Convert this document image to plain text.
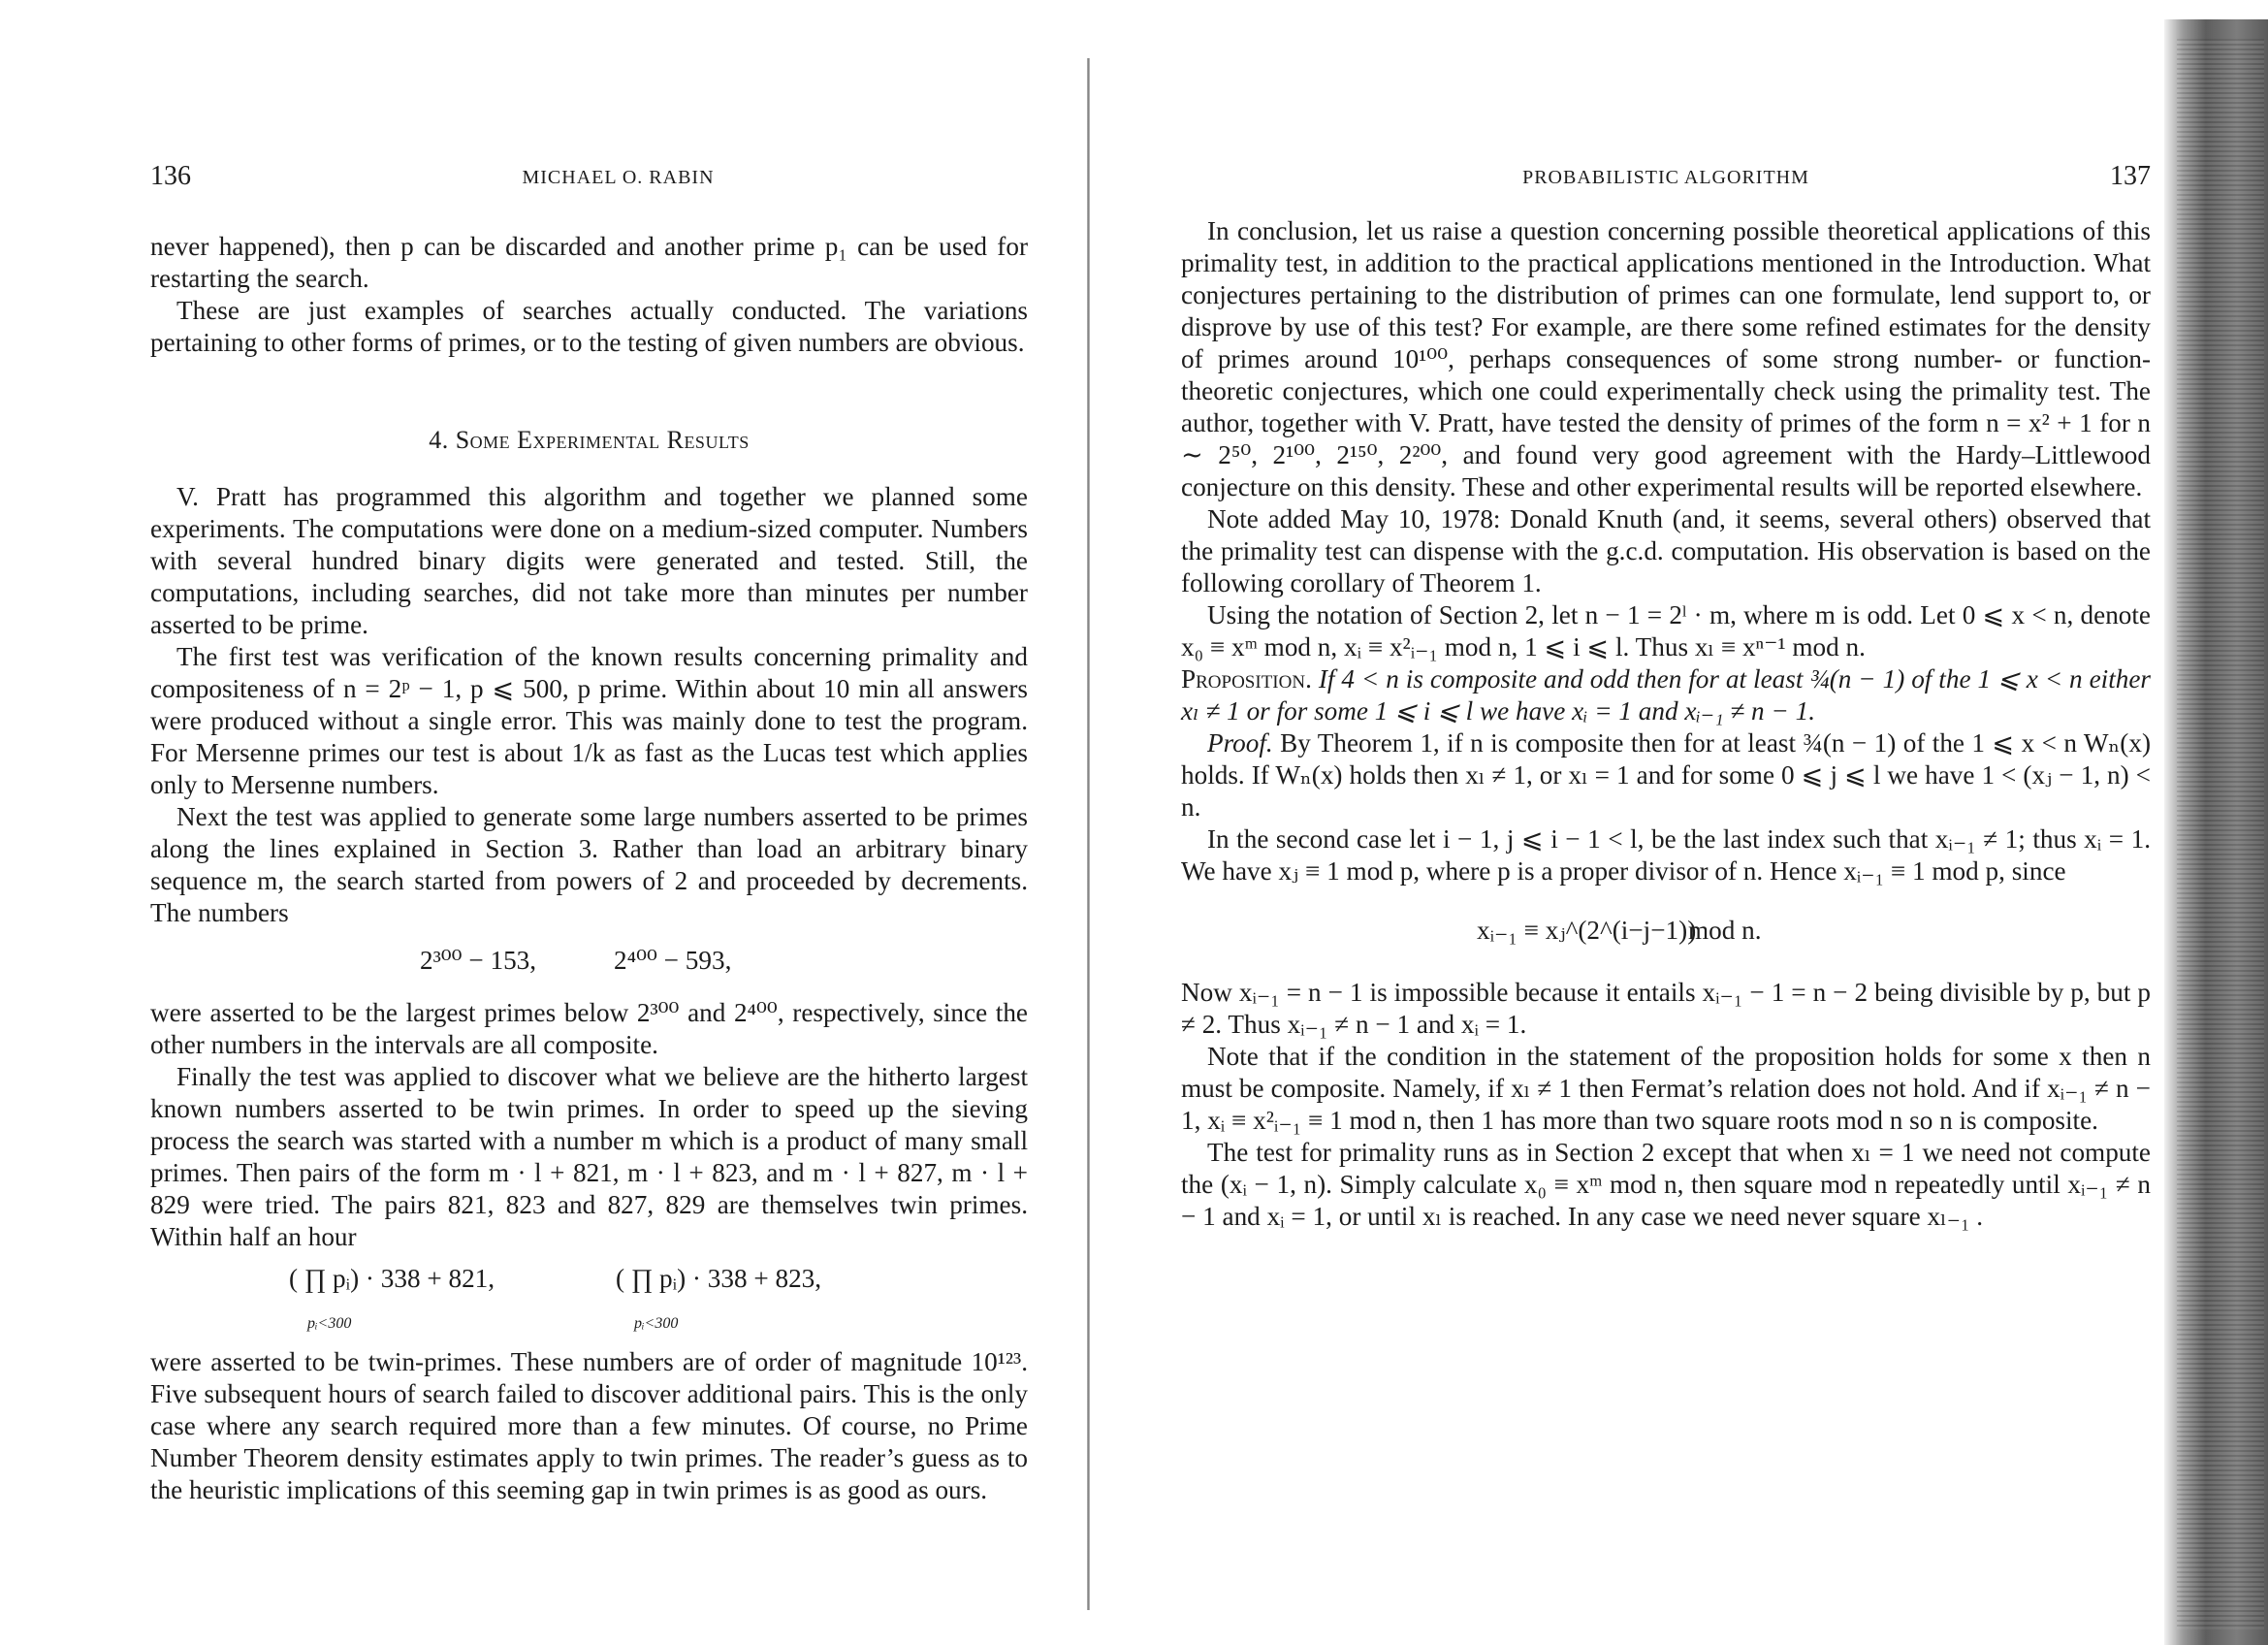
136	MICHAEL O. RABIN

never happened), then p can be discarded and another prime p₁ can be used for restarting the search.

These are just examples of searches actually conducted. The variations pertaining to other forms of primes, or to the testing of given numbers are obvious.

4. Some Experimental Results

V. Pratt has programmed this algorithm and together we planned some experiments. The computations were done on a medium-sized computer. Numbers with several hundred binary digits were generated and tested. Still, the computations, including searches, did not take more than minutes per number asserted to be prime.

The first test was verification of the known results concerning primality and compositeness of n = 2ᵖ − 1, p ⩽ 500, p prime. Within about 10 min all answers were produced without a single error. This was mainly done to test the program. For Mersenne primes our test is about 1/k as fast as the Lucas test which applies only to Mersenne numbers.

Next the test was applied to generate some large numbers asserted to be primes along the lines explained in Section 3. Rather than load an arbitrary binary sequence m, the search started from powers of 2 and proceeded by decrements. The numbers

2³⁰⁰ − 153,	2⁴⁰⁰ − 593,

were asserted to be the largest primes below 2³⁰⁰ and 2⁴⁰⁰, respectively, since the other numbers in the intervals are all composite.

Finally the test was applied to discover what we believe are the hitherto largest known numbers asserted to be twin primes. In order to speed up the sieving process the search was started with a number m which is a product of many small primes. Then pairs of the form m · l + 821, m · l + 823, and m · l + 827, m · l + 829 were tried. The pairs 821, 823 and 827, 829 are themselves twin primes. Within half an hour

( ∏ pᵢ) · 338 + 821,
pᵢ<300
( ∏ pᵢ) · 338 + 823,
pᵢ<300

were asserted to be twin-primes. These numbers are of order of magnitude 10¹²³. Five subsequent hours of search failed to discover additional pairs. This is the only case where any search required more than a few minutes. Of course, no Prime Number Theorem density estimates apply to twin primes. The reader’s guess as to the heuristic implications of this seeming gap in twin primes is as good as ours.

PROBABILISTIC ALGORITHM	137

In conclusion, let us raise a question concerning possible theoretical applications of this primality test, in addition to the practical applications mentioned in the Introduction. What conjectures pertaining to the distribution of primes can one formulate, lend support to, or disprove by use of this test? For example, are there some refined estimates for the density of primes around 10¹⁰⁰, perhaps consequences of some strong number- or function-theoretic conjectures, which one could experimentally check using the primality test. The author, together with V. Pratt, have tested the density of primes of the form n = x² + 1 for n ∼ 2⁵⁰, 2¹⁰⁰, 2¹⁵⁰, 2²⁰⁰, and found very good agreement with the Hardy–Littlewood conjecture on this density. These and other experimental results will be reported elsewhere.

Note added May 10, 1978: Donald Knuth (and, it seems, several others) observed that the primality test can dispense with the g.c.d. computation. His observation is based on the following corollary of Theorem 1.

Using the notation of Section 2, let n − 1 = 2ˡ · m, where m is odd. Let 0 ⩽ x < n, denote x₀ ≡ xᵐ mod n, xᵢ ≡ x²ᵢ₋₁ mod n, 1 ⩽ i ⩽ l. Thus xₗ ≡ xⁿ⁻¹ mod n.

Proposition. If 4 < n is composite and odd then for at least ¾(n − 1) of the 1 ⩽ x < n either xₗ ≠ 1 or for some 1 ⩽ i ⩽ l we have xᵢ = 1 and xᵢ₋₁ ≠ n − 1.

Proof. By Theorem 1, if n is composite then for at least ¾(n − 1) of the 1 ⩽ x < n Wₙ(x) holds. If Wₙ(x) holds then xₗ ≠ 1, or xₗ = 1 and for some 0 ⩽ j ⩽ l we have 1 < (xⱼ − 1, n) < n.

In the second case let i − 1, j ⩽ i − 1 < l, be the last index such that xᵢ₋₁ ≠ 1; thus xᵢ = 1. We have xⱼ ≡ 1 mod p, where p is a proper divisor of n. Hence xᵢ₋₁ ≡ 1 mod p, since

xᵢ₋₁ ≡ xⱼ^(2^(i−j−1))
mod n.

Now xᵢ₋₁ = n − 1 is impossible because it entails xᵢ₋₁ − 1 = n − 2 being divisible by p, but p ≠ 2. Thus xᵢ₋₁ ≠ n − 1 and xᵢ = 1.

Note that if the condition in the statement of the proposition holds for some x then n must be composite. Namely, if xₗ ≠ 1 then Fermat’s relation does not hold. And if xᵢ₋₁ ≠ n − 1, xᵢ ≡ x²ᵢ₋₁ ≡ 1 mod n, then 1 has more than two square roots mod n so n is composite.

The test for primality runs as in Section 2 except that when xₗ = 1 we need not compute the (xᵢ − 1, n). Simply calculate x₀ ≡ xᵐ mod n, then square mod n repeatedly until xᵢ₋₁ ≠ n − 1 and xᵢ = 1, or until xₗ is reached. In any case we need never square xₗ₋₁ .
